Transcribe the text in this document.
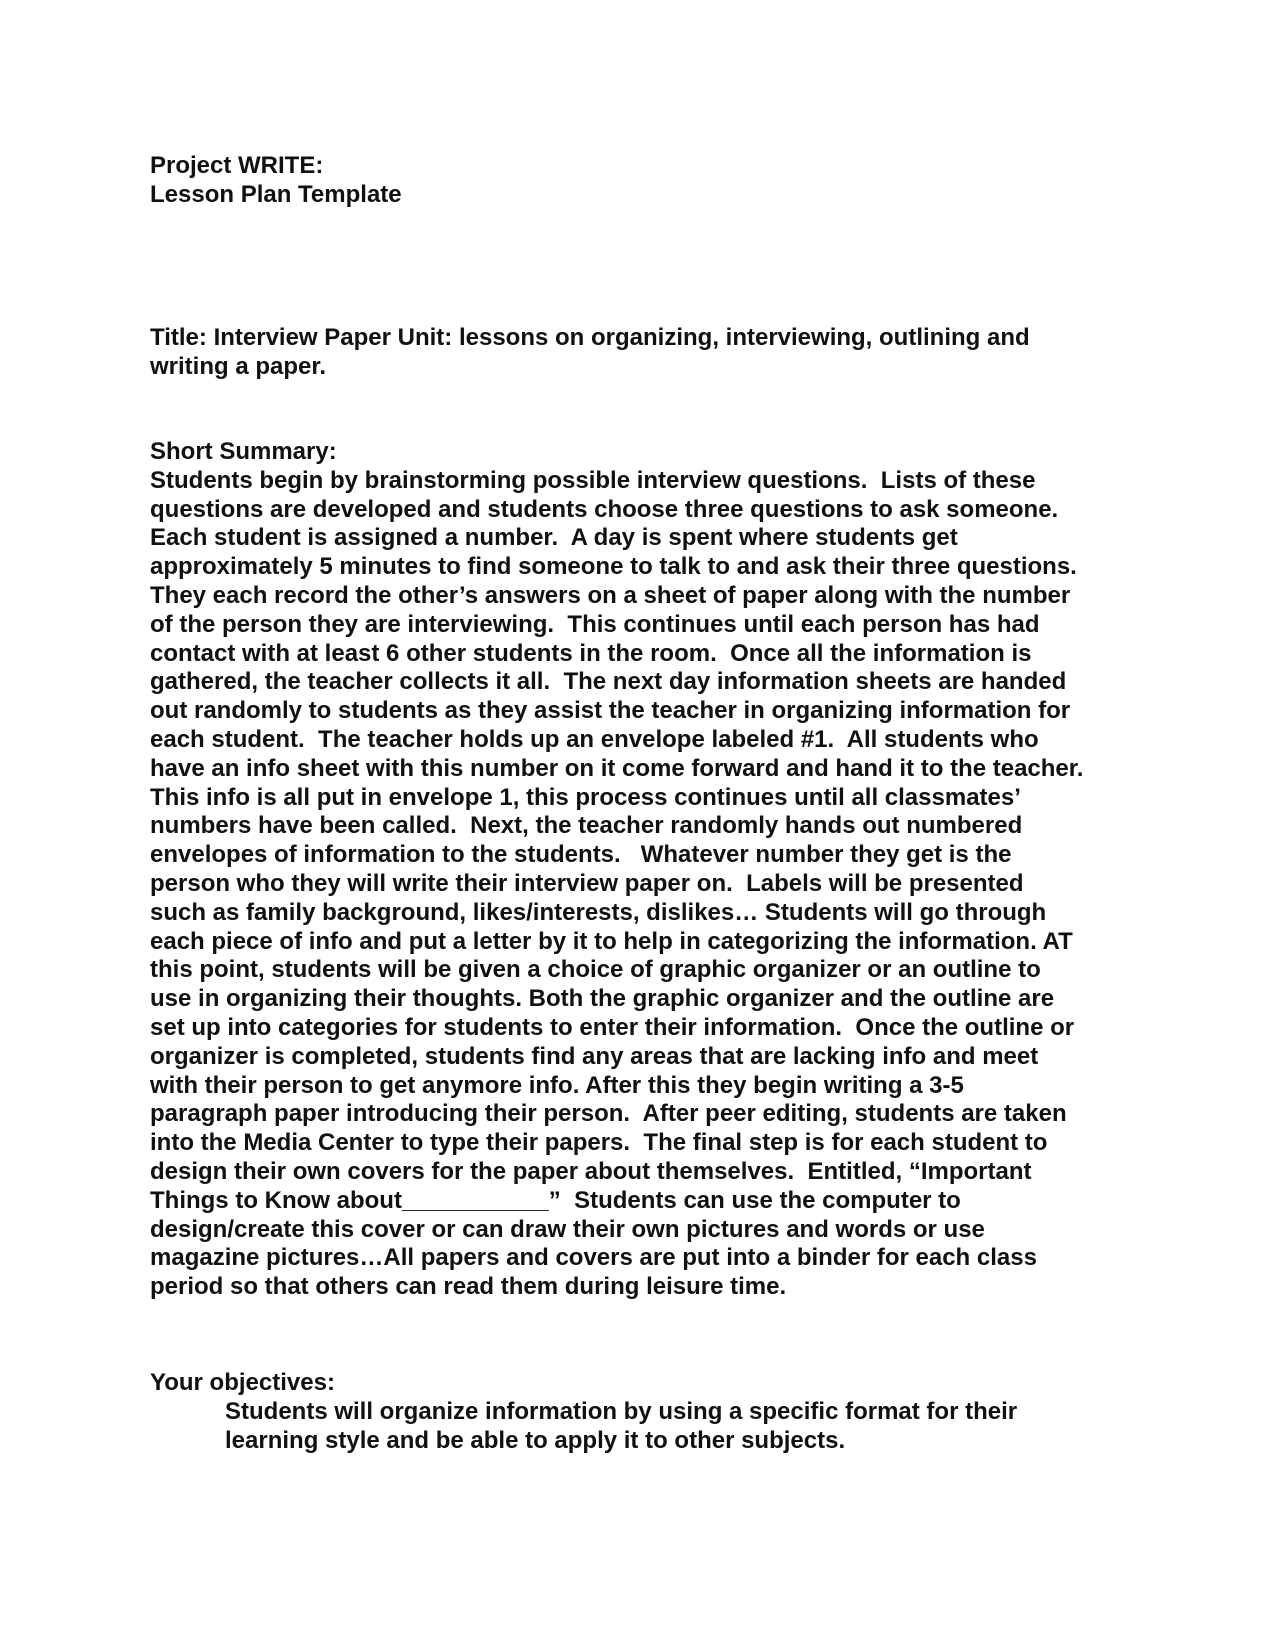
Project WRITE:
Lesson Plan Template
Title: Interview Paper Unit: lessons on organizing, interviewing, outlining and
writing a paper.
Short Summary:
Students begin by brainstorming possible interview questions.  Lists of these
questions are developed and students choose three questions to ask someone.
Each student is assigned a number.  A day is spent where students get
approximately 5 minutes to find someone to talk to and ask their three questions.
They each record the other’s answers on a sheet of paper along with the number
of the person they are interviewing.  This continues until each person has had
contact with at least 6 other students in the room.  Once all the information is
gathered, the teacher collects it all.  The next day information sheets are handed
out randomly to students as they assist the teacher in organizing information for
each student.  The teacher holds up an envelope labeled #1.  All students who
have an info sheet with this number on it come forward and hand it to the teacher.
This info is all put in envelope 1, this process continues until all classmates’
numbers have been called.  Next, the teacher randomly hands out numbered
envelopes of information to the students.   Whatever number they get is the
person who they will write their interview paper on.  Labels will be presented
such as family background, likes/interests, dislikes… Students will go through
each piece of info and put a letter by it to help in categorizing the information. AT
this point, students will be given a choice of graphic organizer or an outline to
use in organizing their thoughts. Both the graphic organizer and the outline are
set up into categories for students to enter their information.  Once the outline or
organizer is completed, students find any areas that are lacking info and meet
with their person to get anymore info. After this they begin writing a 3-5
paragraph paper introducing their person.  After peer editing, students are taken
into the Media Center to type their papers.  The final step is for each student to
design their own covers for the paper about themselves.  Entitled, “Important
Things to Know about___________”  Students can use the computer to
design/create this cover or can draw their own pictures and words or use
magazine pictures…All papers and covers are put into a binder for each class
period so that others can read them during leisure time.
Your objectives:
Students will organize information by using a specific format for their
learning style and be able to apply it to other subjects.
